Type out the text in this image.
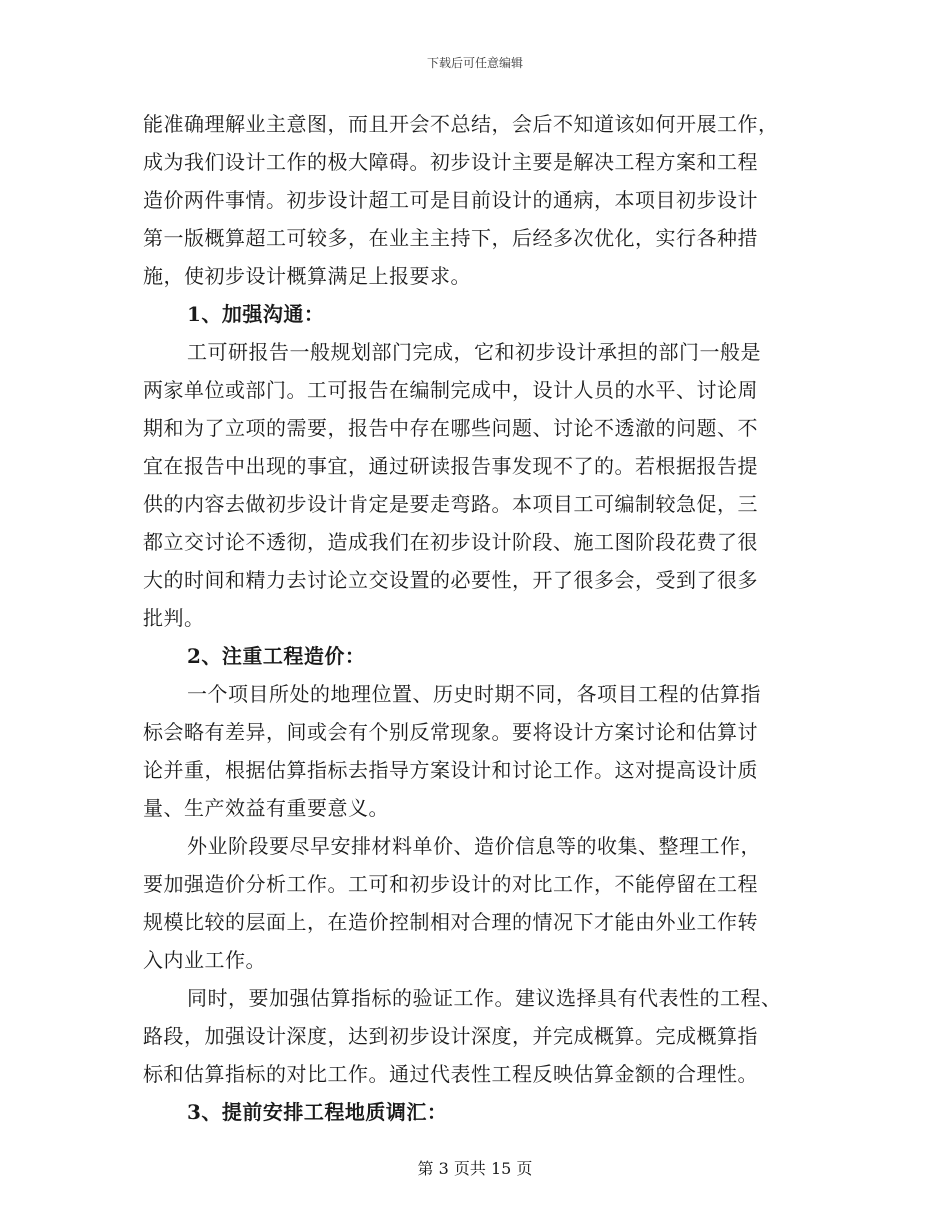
下载后可任意编辑
能准确理解业主意图，而且开会不总结，会后不知道该如何开展工作，
成为我们设计工作的极大障碍。初步设计主要是解决工程方案和工程
造价两件事情。初步设计超工可是目前设计的通病，本项目初步设计
第一版概算超工可较多，在业主主持下，后经多次优化，实行各种措
施，使初步设计概算满足上报要求。
1、加强沟通：
工可研报告一般规划部门完成，它和初步设计承担的部门一般是
两家单位或部门。工可报告在编制完成中，设计人员的水平、讨论周
期和为了立项的需要，报告中存在哪些问题、讨论不透澈的问题、不
宜在报告中出现的事宜，通过研读报告事发现不了的。若根据报告提
供的内容去做初步设计肯定是要走弯路。本项目工可编制较急促，三
都立交讨论不透彻，造成我们在初步设计阶段、施工图阶段花费了很
大的时间和精力去讨论立交设置的必要性，开了很多会，受到了很多
批判。
2、注重工程造价：
一个项目所处的地理位置、历史时期不同，各项目工程的估算指
标会略有差异，间或会有个别反常现象。要将设计方案讨论和估算讨
论并重，根据估算指标去指导方案设计和讨论工作。这对提高设计质
量、生产效益有重要意义。
外业阶段要尽早安排材料单价、造价信息等的收集、整理工作，
要加强造价分析工作。工可和初步设计的对比工作，不能停留在工程
规模比较的层面上，在造价控制相对合理的情况下才能由外业工作转
入内业工作。
同时，要加强估算指标的验证工作。建议选择具有代表性的工程、
路段，加强设计深度，达到初步设计深度，并完成概算。完成概算指
标和估算指标的对比工作。通过代表性工程反映估算金额的合理性。
3、提前安排工程地质调汇：
第 3 页共 15 页
